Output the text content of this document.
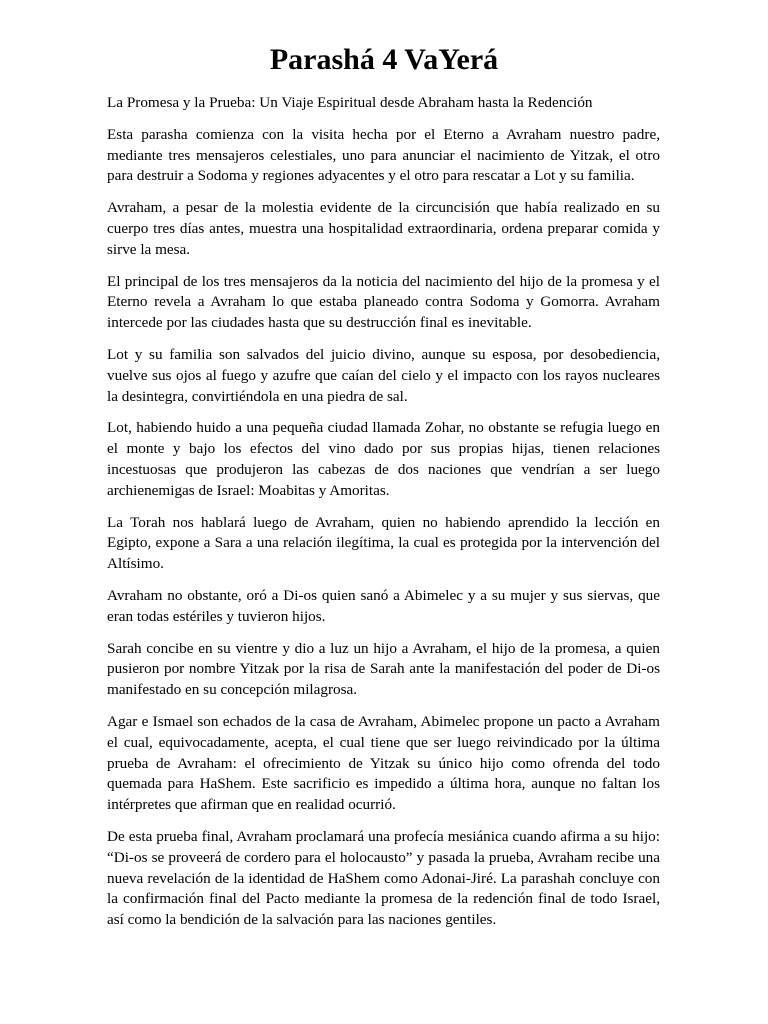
Parashá 4 VaYerá

La Promesa y la Prueba: Un Viaje Espiritual desde Abraham hasta la Redención

Esta parasha comienza con la visita hecha por el Eterno a Avraham nuestro padre, mediante tres mensajeros celestiales, uno para anunciar el nacimiento de Yitzak, el otro para destruir a Sodoma y regiones adyacentes y el otro para rescatar a Lot y su familia.

Avraham, a pesar de la molestia evidente de la circuncisión que había realizado en su cuerpo tres días antes, muestra una hospitalidad extraordinaria, ordena preparar comida y sirve la mesa.

El principal de los tres mensajeros da la noticia del nacimiento del hijo de la promesa y el Eterno revela a Avraham lo que estaba planeado contra Sodoma y Gomorra. Avraham intercede por las ciudades hasta que su destrucción final es inevitable.

Lot y su familia son salvados del juicio divino, aunque su esposa, por desobediencia, vuelve sus ojos al fuego y azufre que caían del cielo y el impacto con los rayos nucleares la desintegra, convirtiéndola en una piedra de sal.

Lot, habiendo huido a una pequeña ciudad llamada Zohar, no obstante se refugia luego en el monte y bajo los efectos del vino dado por sus propias hijas, tienen relaciones incestuosas que produjeron las cabezas de dos naciones que vendrían a ser luego archienemigas de Israel: Moabitas y Amoritas.

La Torah nos hablará luego de Avraham, quien no habiendo aprendido la lección en Egipto, expone a Sara a una relación ilegítima, la cual es protegida por la intervención del Altísimo.

Avraham no obstante, oró a Di-os quien sanó a Abimelec y a su mujer y sus siervas, que eran todas estériles y tuvieron hijos.

Sarah concibe en su vientre y dio a luz un hijo a Avraham, el hijo de la promesa, a quien pusieron por nombre Yitzak por la risa de Sarah ante la manifestación del poder de Di-os manifestado en su concepción milagrosa.

Agar e Ismael son echados de la casa de Avraham, Abimelec propone un pacto a Avraham el cual, equivocadamente, acepta, el cual tiene que ser luego reivindicado por la última prueba de Avraham: el ofrecimiento de Yitzak su único hijo como ofrenda del todo quemada para HaShem. Este sacrificio es impedido a última hora, aunque no faltan los intérpretes que afirman que en realidad ocurrió.

De esta prueba final, Avraham proclamará una profecía mesiánica cuando afirma a su hijo: “Di-os se proveerá de cordero para el holocausto” y pasada la prueba, Avraham recibe una nueva revelación de la identidad de HaShem como Adonai-Jiré. La parashah concluye con la confirmación final del Pacto mediante la promesa de la redención final de todo Israel, así como la bendición de la salvación para las naciones gentiles.
